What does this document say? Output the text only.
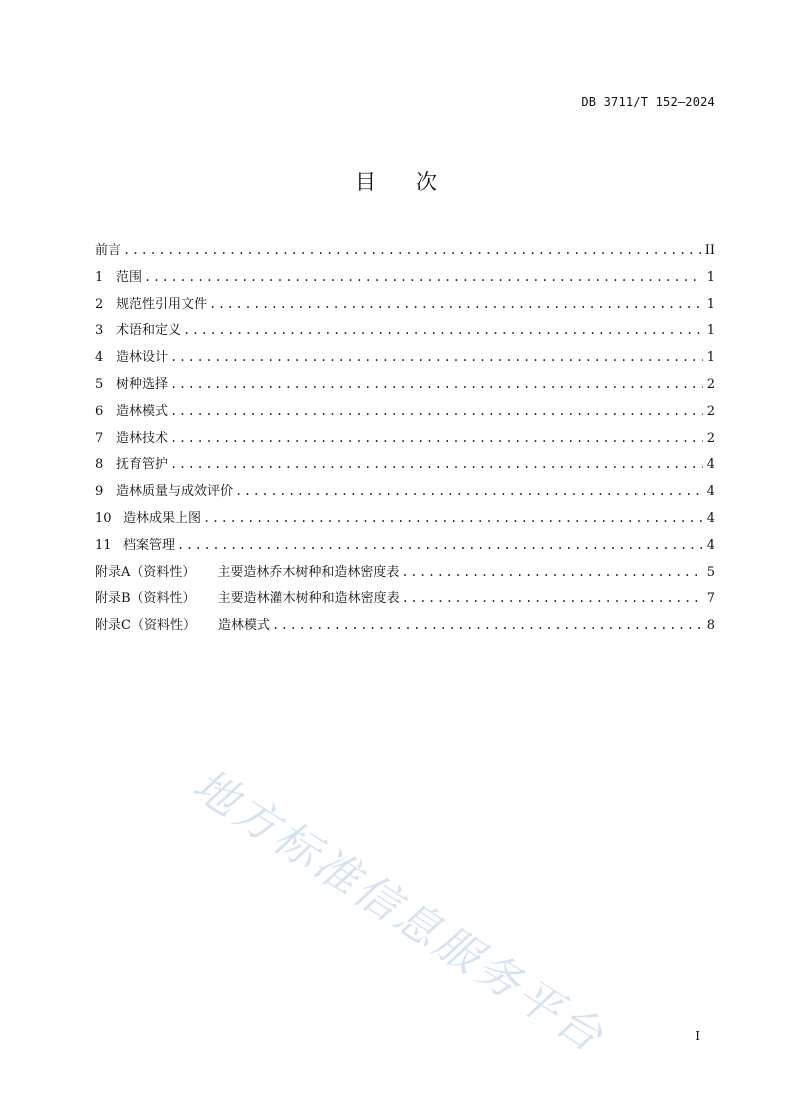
DB 3711/T 152—2024
目 次
前言 .....	II
1 范围 .....	1
2 规范性引用文件 .....	1
3 术语和定义 .....	1
4 造林设计 .....	1
5 树种选择 .....	2
6 造林模式 .....	2
7 造林技术 .....	2
8 抚育管护 .....	4
9 造林质量与成效评价 .....	4
10 造林成果上图 .....	4
11 档案管理 .....	4
附录A（资料性） 主要造林乔木树种和造林密度表 .....	5
附录B（资料性） 主要造林灌木树种和造林密度表 .....	7
附录C（资料性） 造林模式 .....	8
地方标准信息服务平台	I
